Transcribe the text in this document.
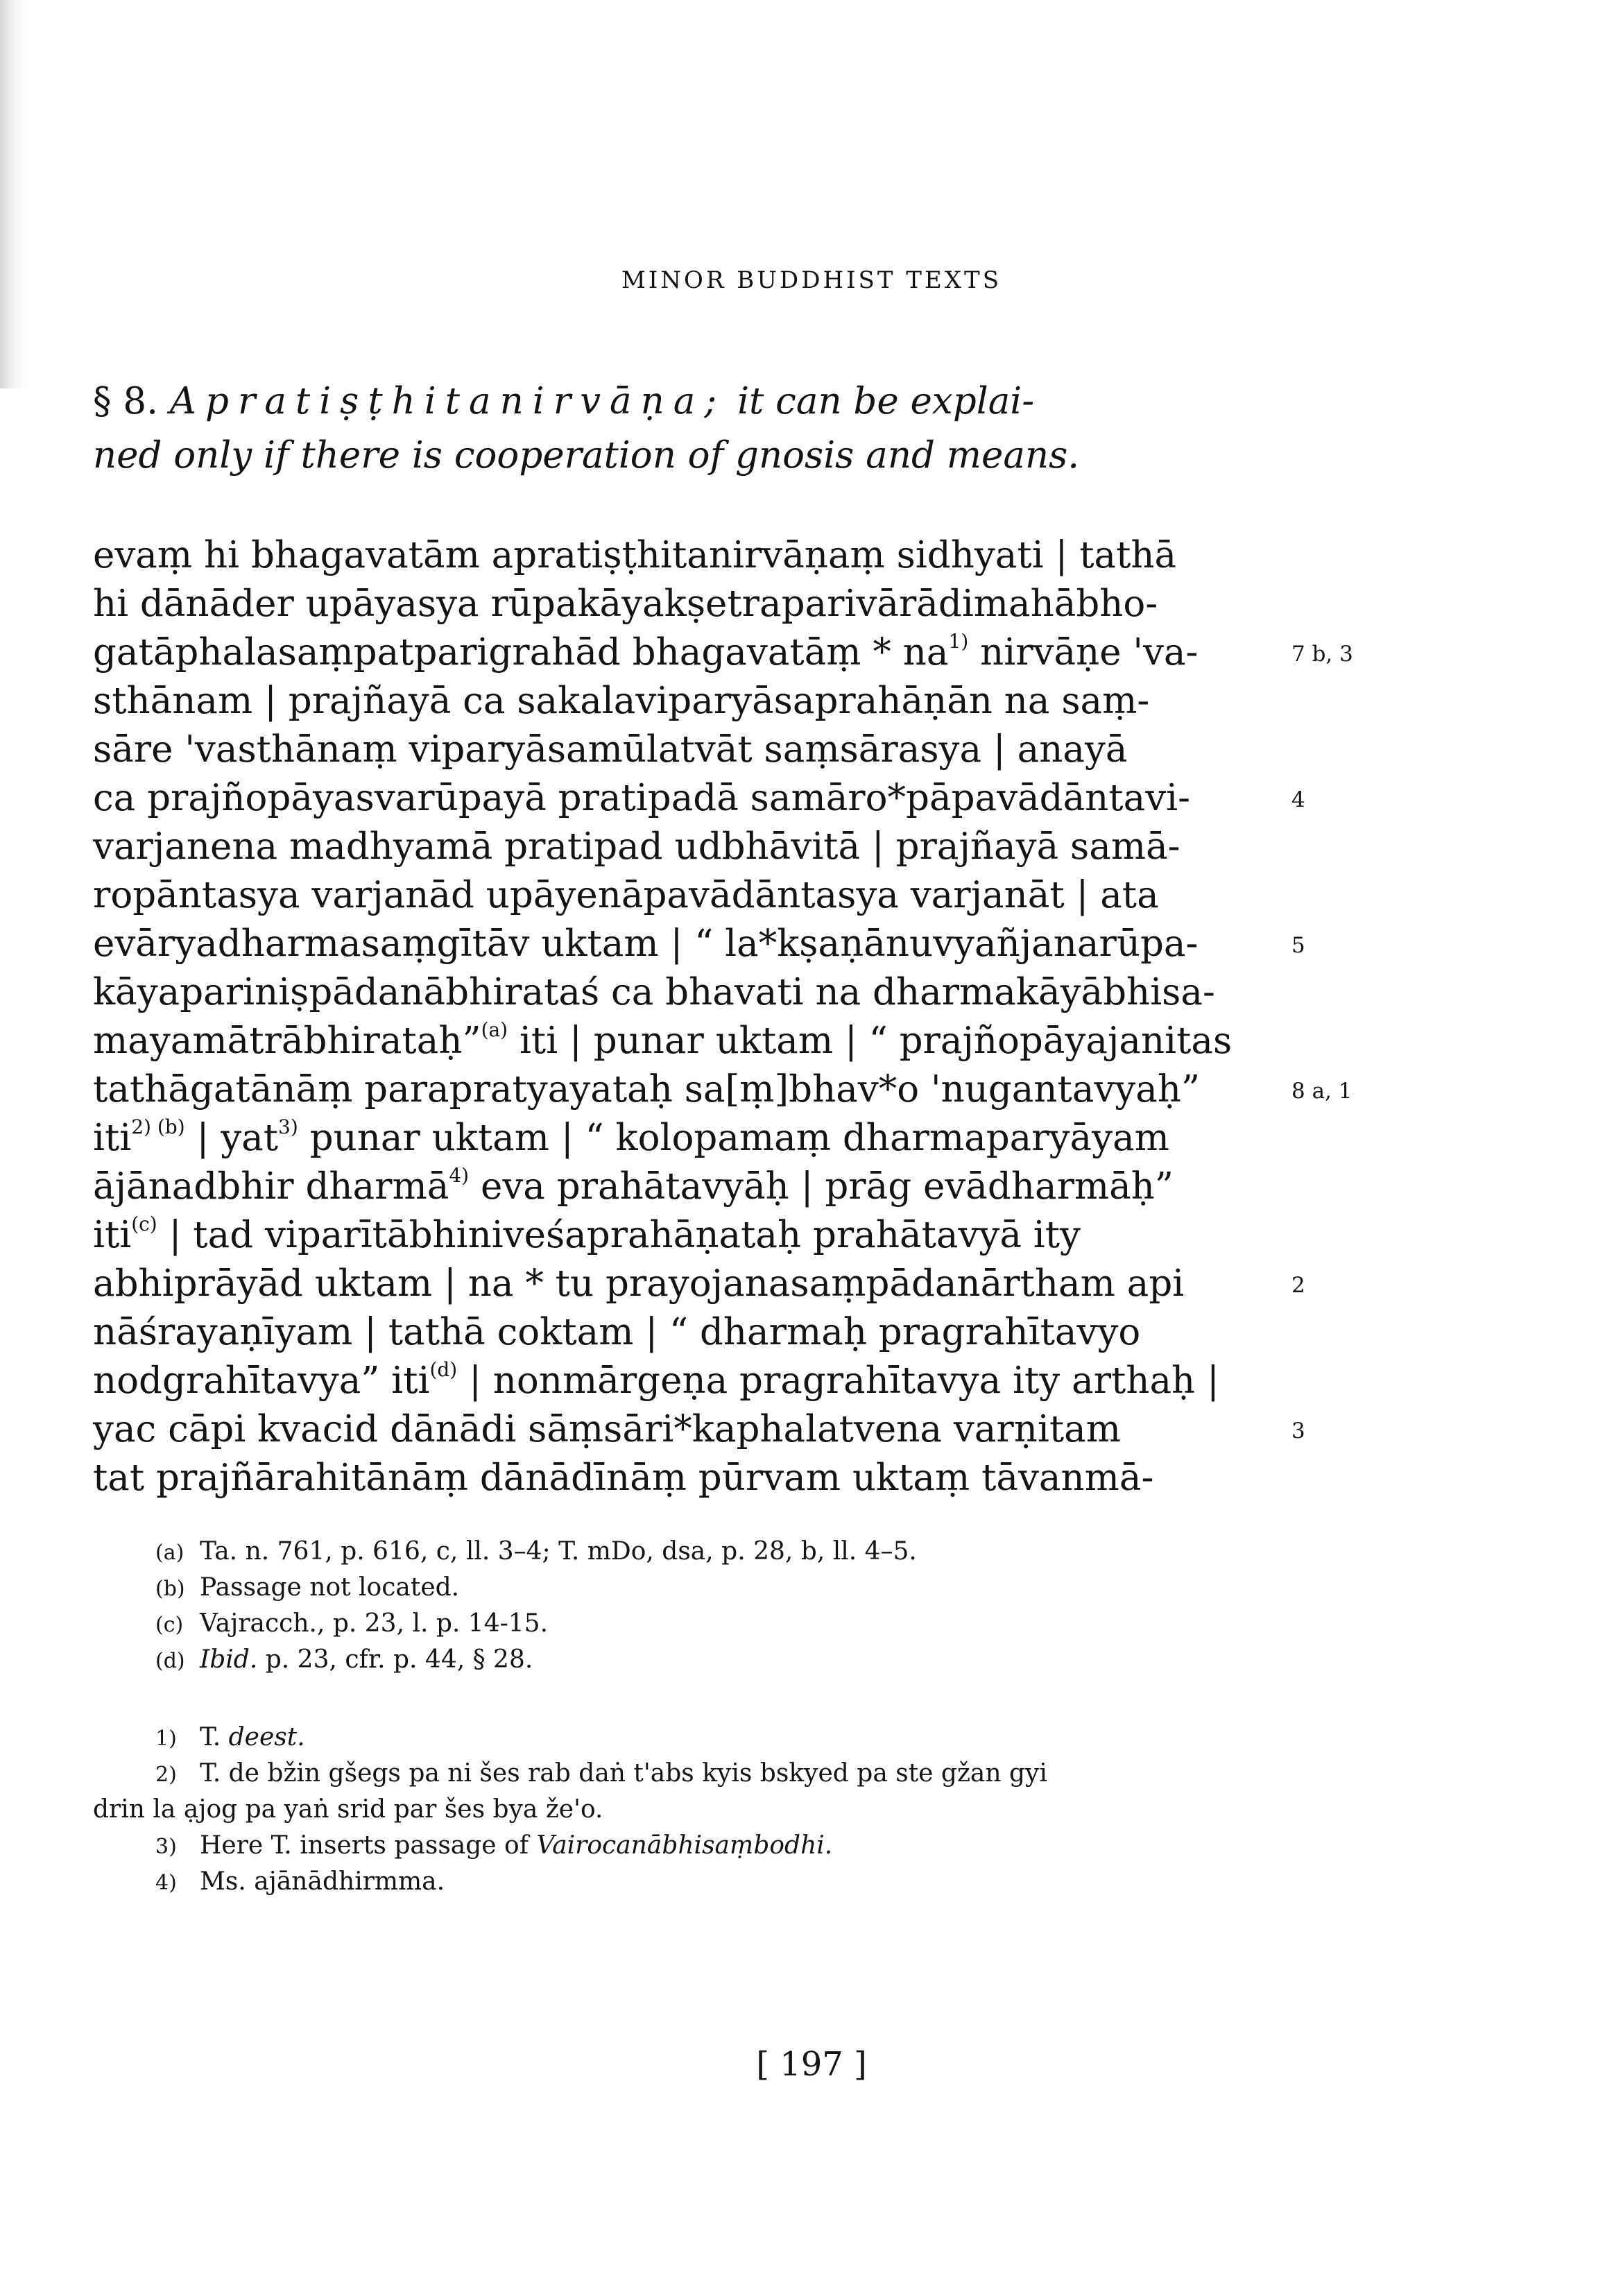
MINOR BUDDHIST TEXTS
§ 8. Apratiṣṭhitanirvāṇa; it can be explai-
ned only if there is cooperation of gnosis and means.
evaṃ hi bhagavatām apratiṣṭhitanirvāṇaṃ sidhyati | tathā
hi dānāder upāyasya rūpakāyakṣetraparivārādimahābho-
gatāphalasaṃpatparigrahād bhagavatāṃ * $na^{1)}$ nirvāṇe 'va-
sthānam | prajñayā ca sakalaviparyāsaprahāṇān na saṃ-
sāre 'vasthānaṃ viparyāsamūlatvāt saṃsārasya | anayā
ca prajñopāyasvarūpayā pratipadā samāro*pāpavādāntavi-
varjanena madhyamā pratipad udbhāvitā | prajñayā samā-
ropāntasya varjanād upāyenāpavādāntasya varjanāt | ata
evāryadharmasaṃgītāv uktam | “ la*kṣaṇānuvyañjanarūpa-
kāyapariniṣpādanābhirataś ca bhavati na dharmakāyābhisa-
mayamātrābhirataḥ”$^{(a)}$ iti | punar uktam | “ prajñopāyajanitas
tathāgatānāṃ parapratyayataḥ sa[ṃ]bhav*o 'nugantavyaḥ”
iti$^{2) (b)}$ | yat$^{3)}$ punar uktam | “ kolopamaṃ dharmaparyāyam
ājānadbhir dharmā$^{4)}$ eva prahātavyāḥ | prāg evādharmāḥ”
iti$^{(c)}$ | tad viparītābhiniveśaprahāṇataḥ prahātavyā ity
abhiprāyād uktam | na * tu prayojanasaṃpādanārtham api
nāśrayaṇīyam | tathā coktam | “ dharmaḥ pragrahītavyo
nodgrahītavya” iti$^{(d)}$ | nonmārgeṇa pragrahītavya ity arthaḥ |
yac cāpi kvacid dānādi sāṃsāri*kaphalatvena varṇitam
tat prajñārahitānāṃ dānādīnāṃ pūrvam uktaṃ tāvanmā-
7 b, 3
4
5
8 a, 1
2
3
(a) Ta. n. 761, p. 616, c, ll. 3–4; T. mDo, dsa, p. 28, b, ll. 4–5.
(b) Passage not located.
(c) Vajracch., p. 23, l. p. 14-15.
(d) Ibid. p. 23, cfr. p. 44, § 28.
1) T. deest.
2) T. de bžin gšegs pa ni šes rab daṅ t'abs kyis bskyed pa ste gžan gyi
drin la ạjog pa yaṅ srid par šes bya že'o.
3) Here T. inserts passage of Vairocanābhisaṃbodhi.
4) Ms. ajānādhirmma.
[ 197 ]
